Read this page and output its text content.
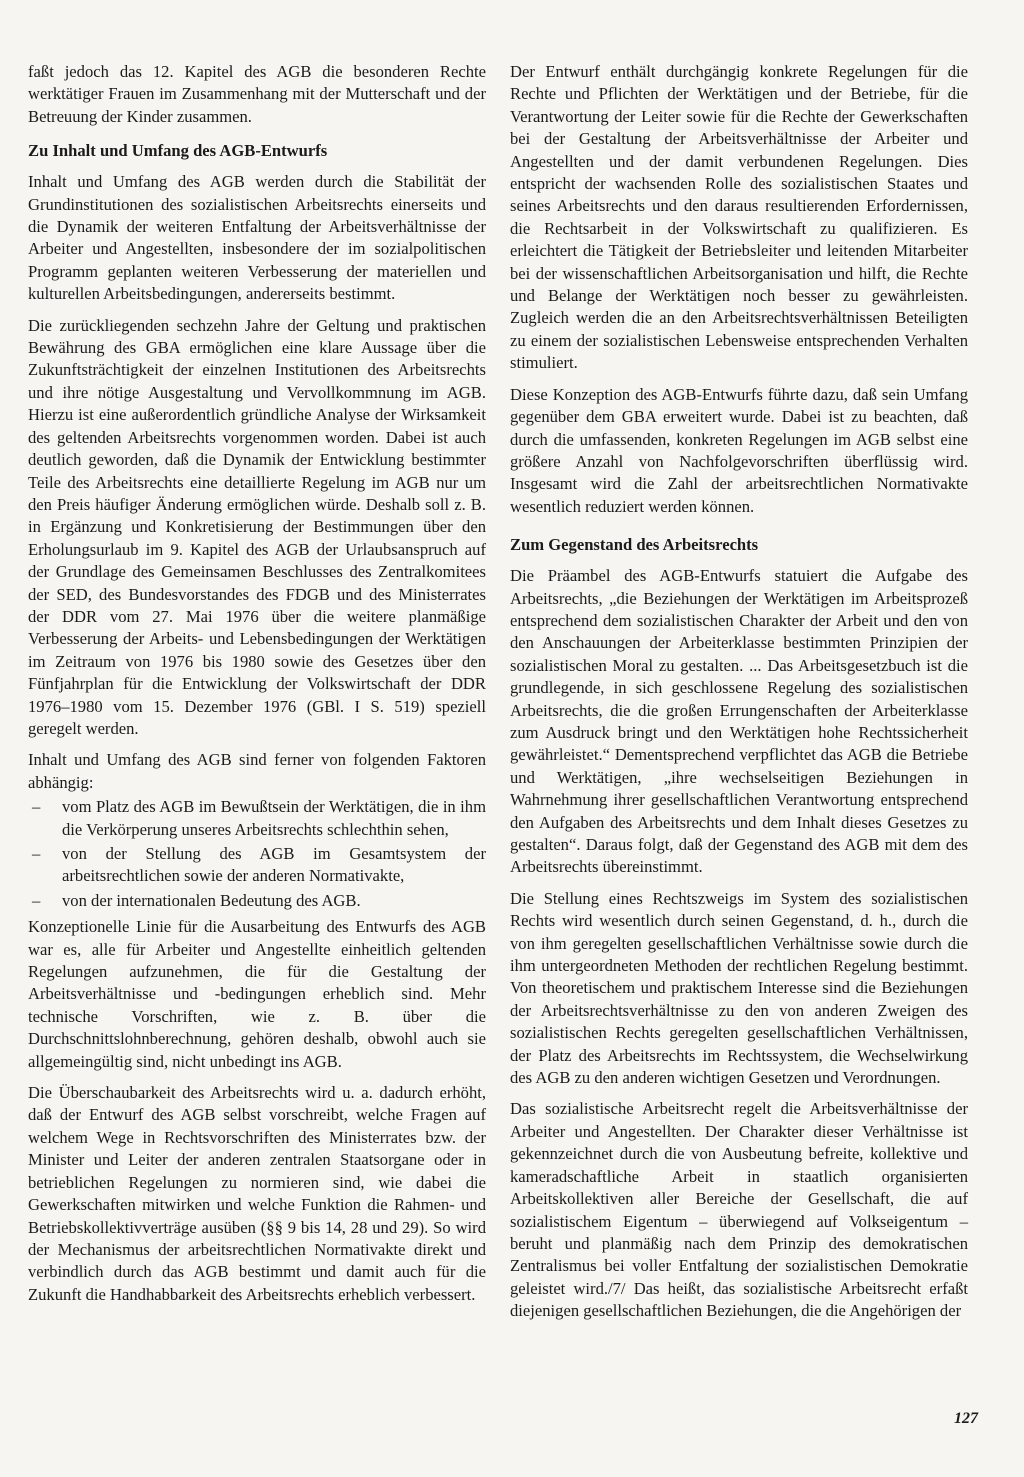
faßt jedoch das 12. Kapitel des AGB die besonderen Rechte werktätiger Frauen im Zusammenhang mit der Mutterschaft und der Betreuung der Kinder zusammen.

Zu Inhalt und Umfang des AGB-Entwurfs

Inhalt und Umfang des AGB werden durch die Stabilität der Grundinstitutionen des sozialistischen Arbeitsrechts einerseits und die Dynamik der weiteren Entfaltung der Arbeitsverhältnisse der Arbeiter und Angestellten, insbesondere der im sozialpolitischen Programm geplanten weiteren Verbesserung der materiellen und kulturellen Arbeitsbedingungen, andererseits bestimmt.

Die zurückliegenden sechzehn Jahre der Geltung und praktischen Bewährung des GBA ermöglichen eine klare Aussage über die Zukunftsträchtigkeit der einzelnen Institutionen des Arbeitsrechts und ihre nötige Ausgestaltung und Vervollkommnung im AGB. Hierzu ist eine außerordentlich gründliche Analyse der Wirksamkeit des geltenden Arbeitsrechts vorgenommen worden. Dabei ist auch deutlich geworden, daß die Dynamik der Entwicklung bestimmter Teile des Arbeitsrechts eine detaillierte Regelung im AGB nur um den Preis häufiger Änderung ermöglichen würde. Deshalb soll z. B. in Ergänzung und Konkretisierung der Bestimmungen über den Erholungsurlaub im 9. Kapitel des AGB der Urlaubsanspruch auf der Grundlage des Gemeinsamen Beschlusses des Zentralkomitees der SED, des Bundesvorstandes des FDGB und des Ministerrates der DDR vom 27. Mai 1976 über die weitere planmäßige Verbesserung der Arbeits- und Lebensbedingungen der Werktätigen im Zeitraum von 1976 bis 1980 sowie des Gesetzes über den Fünfjahrplan für die Entwicklung der Volkswirtschaft der DDR 1976–1980 vom 15. Dezember 1976 (GBl. I S. 519) speziell geregelt werden.

Inhalt und Umfang des AGB sind ferner von folgenden Faktoren abhängig:

– vom Platz des AGB im Bewußtsein der Werktätigen, die in ihm die Verkörperung unseres Arbeitsrechts schlechthin sehen,
– von der Stellung des AGB im Gesamtsystem der arbeitsrechtlichen sowie der anderen Normativakte,
– von der internationalen Bedeutung des AGB.

Konzeptionelle Linie für die Ausarbeitung des Entwurfs des AGB war es, alle für Arbeiter und Angestellte einheitlich geltenden Regelungen aufzunehmen, die für die Gestaltung der Arbeitsverhältnisse und -bedingungen erheblich sind. Mehr technische Vorschriften, wie z. B. über die Durchschnittslohnberechnung, gehören deshalb, obwohl auch sie allgemeingültig sind, nicht unbedingt ins AGB.

Die Überschaubarkeit des Arbeitsrechts wird u. a. dadurch erhöht, daß der Entwurf des AGB selbst vorschreibt, welche Fragen auf welchem Wege in Rechtsvorschriften des Ministerrates bzw. der Minister und Leiter der anderen zentralen Staatsorgane oder in betrieblichen Regelungen zu normieren sind, wie dabei die Gewerkschaften mitwirken und welche Funktion die Rahmen- und Betriebskollektivverträge ausüben (§§ 9 bis 14, 28 und 29). So wird der Mechanismus der arbeitsrechtlichen Normativakte direkt und verbindlich durch das AGB bestimmt und damit auch für die Zukunft die Handhabbarkeit des Arbeitsrechts erheblich verbessert.

Der Entwurf enthält durchgängig konkrete Regelungen für die Rechte und Pflichten der Werktätigen und der Betriebe, für die Verantwortung der Leiter sowie für die Rechte der Gewerkschaften bei der Gestaltung der Arbeitsverhältnisse der Arbeiter und Angestellten und der damit verbundenen Regelungen. Dies entspricht der wachsenden Rolle des sozialistischen Staates und seines Arbeitsrechts und den daraus resultierenden Erfordernissen, die Rechtsarbeit in der Volkswirtschaft zu qualifizieren. Es erleichtert die Tätigkeit der Betriebsleiter und leitenden Mitarbeiter bei der wissenschaftlichen Arbeitsorganisation und hilft, die Rechte und Belange der Werktätigen noch besser zu gewährleisten. Zugleich werden die an den Arbeitsrechtsverhältnissen Beteiligten zu einem der sozialistischen Lebensweise entsprechenden Verhalten stimuliert.

Diese Konzeption des AGB-Entwurfs führte dazu, daß sein Umfang gegenüber dem GBA erweitert wurde. Dabei ist zu beachten, daß durch die umfassenden, konkreten Regelungen im AGB selbst eine größere Anzahl von Nachfolgevorschriften überflüssig wird. Insgesamt wird die Zahl der arbeitsrechtlichen Normativakte wesentlich reduziert werden können.

Zum Gegenstand des Arbeitsrechts

Die Präambel des AGB-Entwurfs statuiert die Aufgabe des Arbeitsrechts, „die Beziehungen der Werktätigen im Arbeitsprozeß entsprechend dem sozialistischen Charakter der Arbeit und den von den Anschauungen der Arbeiterklasse bestimmten Prinzipien der sozialistischen Moral zu gestalten. ... Das Arbeitsgesetzbuch ist die grundlegende, in sich geschlossene Regelung des sozialistischen Arbeitsrechts, die die großen Errungenschaften der Arbeiterklasse zum Ausdruck bringt und den Werktätigen hohe Rechtssicherheit gewährleistet.“ Dementsprechend verpflichtet das AGB die Betriebe und Werktätigen, „ihre wechselseitigen Beziehungen in Wahrnehmung ihrer gesellschaftlichen Verantwortung entsprechend den Aufgaben des Arbeitsrechts und dem Inhalt dieses Gesetzes zu gestalten“. Daraus folgt, daß der Gegenstand des AGB mit dem des Arbeitsrechts übereinstimmt.

Die Stellung eines Rechtszweigs im System des sozialistischen Rechts wird wesentlich durch seinen Gegenstand, d. h., durch die von ihm geregelten gesellschaftlichen Verhältnisse sowie durch die ihm untergeordneten Methoden der rechtlichen Regelung bestimmt. Von theoretischem und praktischem Interesse sind die Beziehungen der Arbeitsrechtsverhältnisse zu den von anderen Zweigen des sozialistischen Rechts geregelten gesellschaftlichen Verhältnissen, der Platz des Arbeitsrechts im Rechtssystem, die Wechselwirkung des AGB zu den anderen wichtigen Gesetzen und Verordnungen.

Das sozialistische Arbeitsrecht regelt die Arbeitsverhältnisse der Arbeiter und Angestellten. Der Charakter dieser Verhältnisse ist gekennzeichnet durch die von Ausbeutung befreite, kollektive und kameradschaftliche Arbeit in staatlich organisierten Arbeitskollektiven aller Bereiche der Gesellschaft, die auf sozialistischem Eigentum – überwiegend auf Volkseigentum – beruht und planmäßig nach dem Prinzip des demokratischen Zentralismus bei voller Entfaltung der sozialistischen Demokratie geleistet wird./7/ Das heißt, das sozialistische Arbeitsrecht erfaßt diejenigen gesellschaftlichen Beziehungen, die die Angehörigen der

127
